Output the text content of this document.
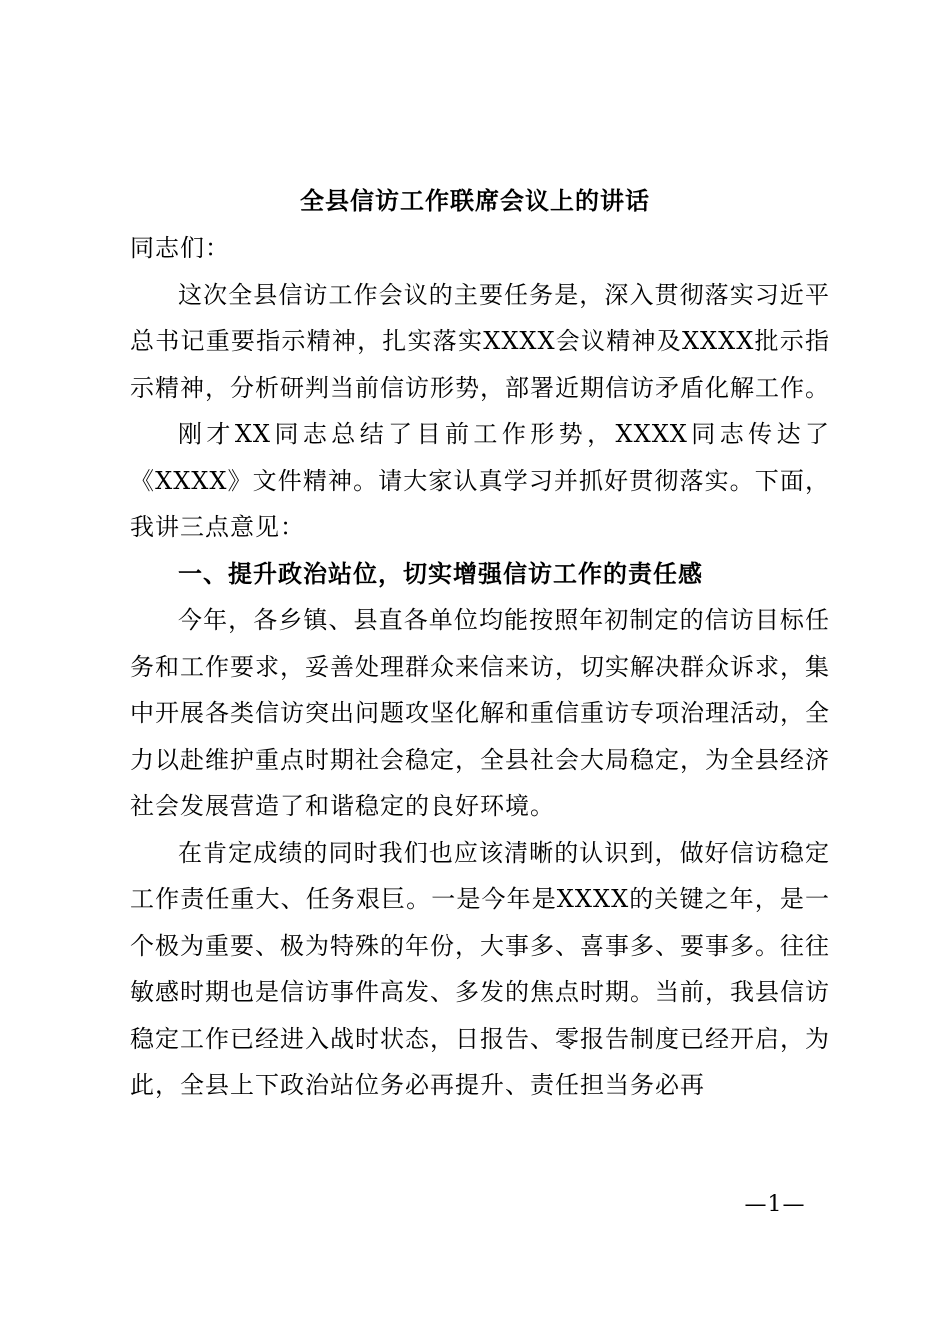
全县信访工作联席会议上的讲话

同志们：

这次全县信访工作会议的主要任务是，深入贯彻落实习近平总书记重要指示精神，扎实落实XXXX会议精神及XXXX批示指示精神，分析研判当前信访形势，部署近期信访矛盾化解工作。

刚才XX同志总结了目前工作形势，XXXX同志传达了《XXXX》文件精神。请大家认真学习并抓好贯彻落实。下面，我讲三点意见：

一、提升政治站位，切实增强信访工作的责任感

今年，各乡镇、县直各单位均能按照年初制定的信访目标任务和工作要求，妥善处理群众来信来访，切实解决群众诉求，集中开展各类信访突出问题攻坚化解和重信重访专项治理活动，全力以赴维护重点时期社会稳定，全县社会大局稳定，为全县经济社会发展营造了和谐稳定的良好环境。

在肯定成绩的同时我们也应该清晰的认识到，做好信访稳定工作责任重大、任务艰巨。一是今年是XXXX的关键之年，是一个极为重要、极为特殊的年份，大事多、喜事多、要事多。往往敏感时期也是信访事件高发、多发的焦点时期。当前，我县信访稳定工作已经进入战时状态，日报告、零报告制度已经开启，为此，全县上下政治站位务必再提升、责任担当务必再

—1—
